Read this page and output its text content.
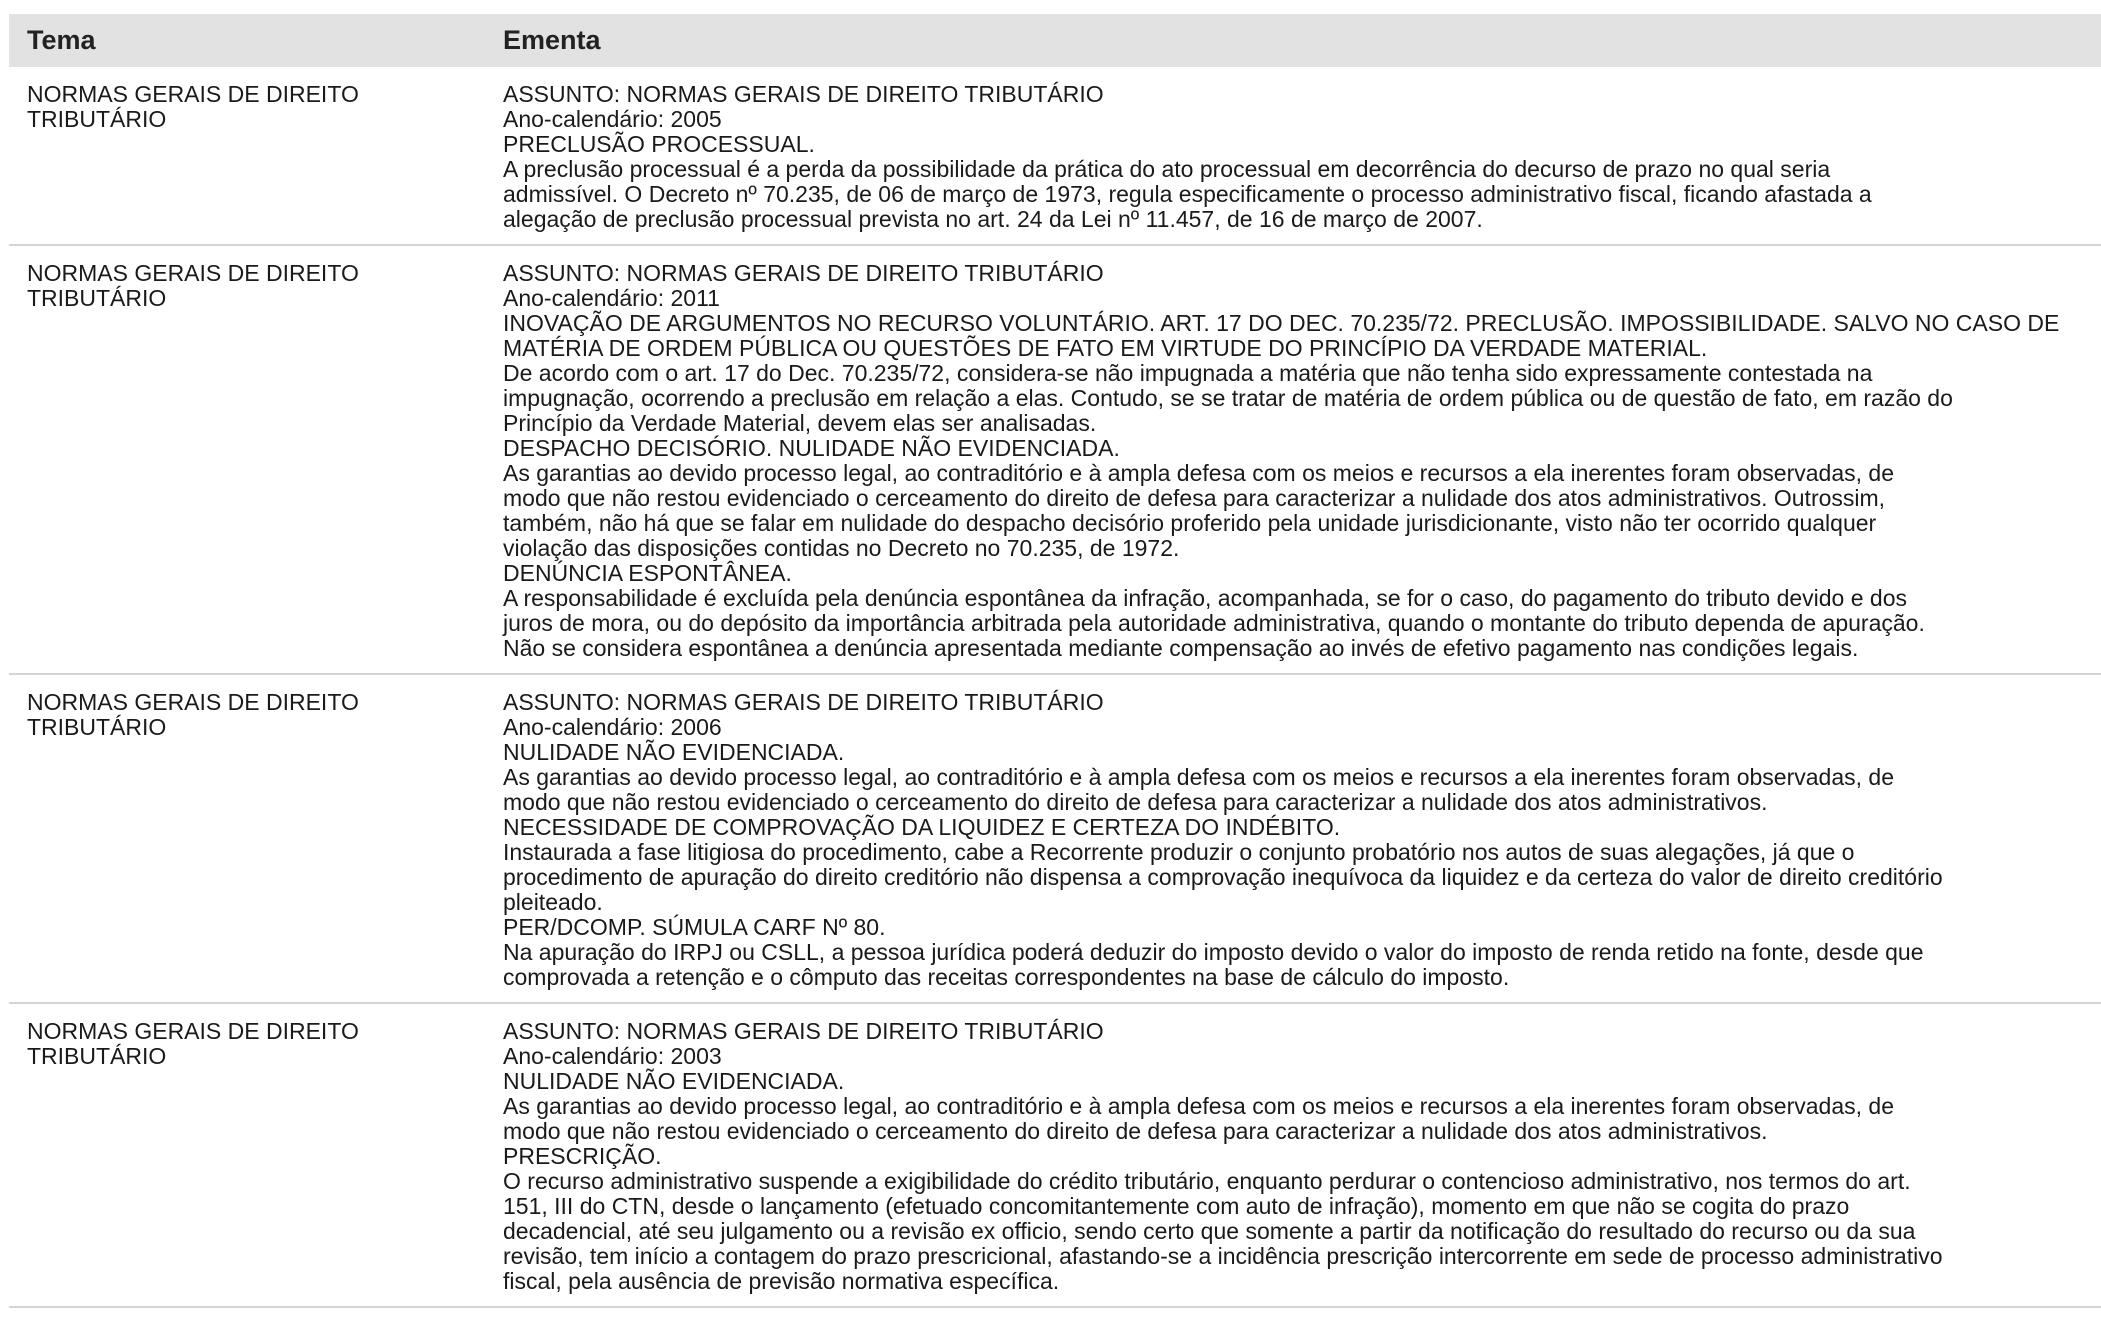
Tema	Ementa
NORMAS GERAIS DE DIREITO
TRIBUTÁRIO
ASSUNTO: NORMAS GERAIS DE DIREITO TRIBUTÁRIO
Ano-calendário: 2005
PRECLUSÃO PROCESSUAL.
A preclusão processual é a perda da possibilidade da prática do ato processual em decorrência do decurso de prazo no qual seria
admissível. O Decreto nº 70.235, de 06 de março de 1973, regula especificamente o processo administrativo fiscal, ficando afastada a
alegação de preclusão processual prevista no art. 24 da Lei nº 11.457, de 16 de março de 2007.
NORMAS GERAIS DE DIREITO
TRIBUTÁRIO
ASSUNTO: NORMAS GERAIS DE DIREITO TRIBUTÁRIO
Ano-calendário: 2011
INOVAÇÃO DE ARGUMENTOS NO RECURSO VOLUNTÁRIO. ART. 17 DO DEC. 70.235/72. PRECLUSÃO. IMPOSSIBILIDADE. SALVO NO CASO DE
MATÉRIA DE ORDEM PÚBLICA OU QUESTÕES DE FATO EM VIRTUDE DO PRINCÍPIO DA VERDADE MATERIAL.
De acordo com o art. 17 do Dec. 70.235/72, considera-se não impugnada a matéria que não tenha sido expressamente contestada na
impugnação, ocorrendo a preclusão em relação a elas. Contudo, se se tratar de matéria de ordem pública ou de questão de fato, em razão do
Princípio da Verdade Material, devem elas ser analisadas.
DESPACHO DECISÓRIO. NULIDADE NÃO EVIDENCIADA.
As garantias ao devido processo legal, ao contraditório e à ampla defesa com os meios e recursos a ela inerentes foram observadas, de
modo que não restou evidenciado o cerceamento do direito de defesa para caracterizar a nulidade dos atos administrativos. Outrossim,
também, não há que se falar em nulidade do despacho decisório proferido pela unidade jurisdicionante, visto não ter ocorrido qualquer
violação das disposições contidas no Decreto no 70.235, de 1972.
DENÚNCIA ESPONTÂNEA.
A responsabilidade é excluída pela denúncia espontânea da infração, acompanhada, se for o caso, do pagamento do tributo devido e dos
juros de mora, ou do depósito da importância arbitrada pela autoridade administrativa, quando o montante do tributo dependa de apuração.
Não se considera espontânea a denúncia apresentada mediante compensação ao invés de efetivo pagamento nas condições legais.
NORMAS GERAIS DE DIREITO
TRIBUTÁRIO
ASSUNTO: NORMAS GERAIS DE DIREITO TRIBUTÁRIO
Ano-calendário: 2006
NULIDADE NÃO EVIDENCIADA.
As garantias ao devido processo legal, ao contraditório e à ampla defesa com os meios e recursos a ela inerentes foram observadas, de
modo que não restou evidenciado o cerceamento do direito de defesa para caracterizar a nulidade dos atos administrativos.
NECESSIDADE DE COMPROVAÇÃO DA LIQUIDEZ E CERTEZA DO INDÉBITO.
Instaurada a fase litigiosa do procedimento, cabe a Recorrente produzir o conjunto probatório nos autos de suas alegações, já que o
procedimento de apuração do direito creditório não dispensa a comprovação inequívoca da liquidez e da certeza do valor de direito creditório
pleiteado.
PER/DCOMP. SÚMULA CARF Nº 80.
Na apuração do IRPJ ou CSLL, a pessoa jurídica poderá deduzir do imposto devido o valor do imposto de renda retido na fonte, desde que
comprovada a retenção e o cômputo das receitas correspondentes na base de cálculo do imposto.
NORMAS GERAIS DE DIREITO
TRIBUTÁRIO
ASSUNTO: NORMAS GERAIS DE DIREITO TRIBUTÁRIO
Ano-calendário: 2003
NULIDADE NÃO EVIDENCIADA.
As garantias ao devido processo legal, ao contraditório e à ampla defesa com os meios e recursos a ela inerentes foram observadas, de
modo que não restou evidenciado o cerceamento do direito de defesa para caracterizar a nulidade dos atos administrativos.
PRESCRIÇÃO.
O recurso administrativo suspende a exigibilidade do crédito tributário, enquanto perdurar o contencioso administrativo, nos termos do art.
151, III do CTN, desde o lançamento (efetuado concomitantemente com auto de infração), momento em que não se cogita do prazo
decadencial, até seu julgamento ou a revisão ex officio, sendo certo que somente a partir da notificação do resultado do recurso ou da sua
revisão, tem início a contagem do prazo prescricional, afastando-se a incidência prescrição intercorrente em sede de processo administrativo
fiscal, pela ausência de previsão normativa específica.
